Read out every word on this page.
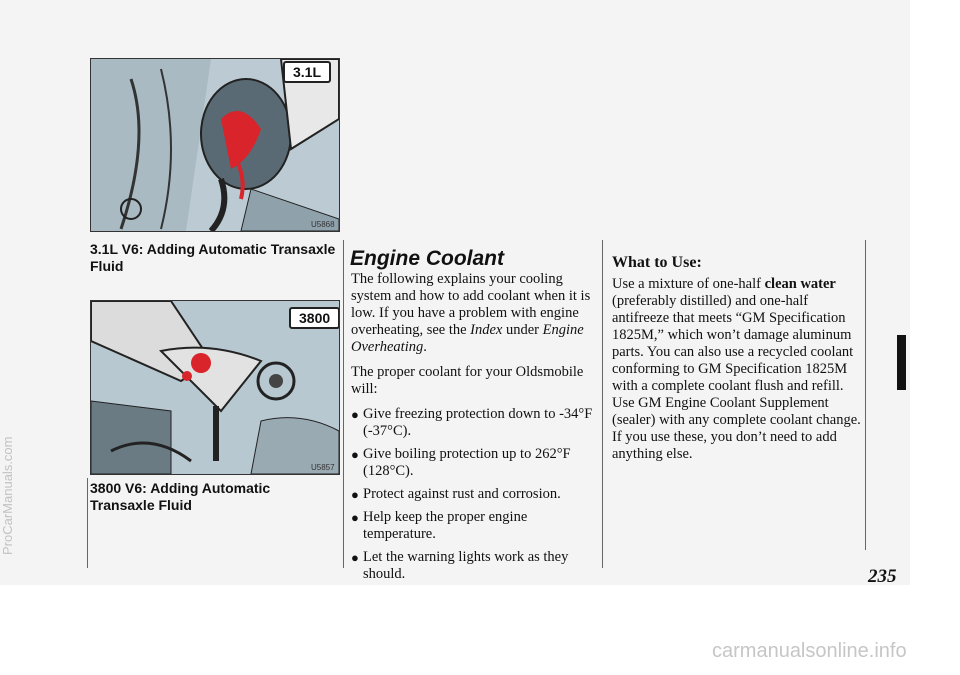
3.1L
U5868
3.1L V6: Adding Automatic Transaxle Fluid
3800
U5857
3800 V6: Adding Automatic Transaxle Fluid
Engine Coolant

The following explains your cooling system and how to add coolant when it is low. If you have a problem with engine overheating, see the Index under Engine Overheating.

The proper coolant for your Oldsmobile will:

● Give freezing protection down to -34°F (-37°C).
● Give boiling protection up to 262°F (128°C).
● Protect against rust and corrosion.
● Help keep the proper engine temperature.
● Let the warning lights work as they should.
What to Use:

Use a mixture of one-half clean water (preferably distilled) and one-half antifreeze that meets “GM Specification 1825M,” which won’t damage aluminum parts. You can also use a recycled coolant conforming to GM Specification 1825M with a complete coolant flush and refill. Use GM Engine Coolant Supplement (sealer) with any complete coolant change. If you use these, you don’t need to add anything else.

235
ProCarManuals.com
carmanualsonline.info
